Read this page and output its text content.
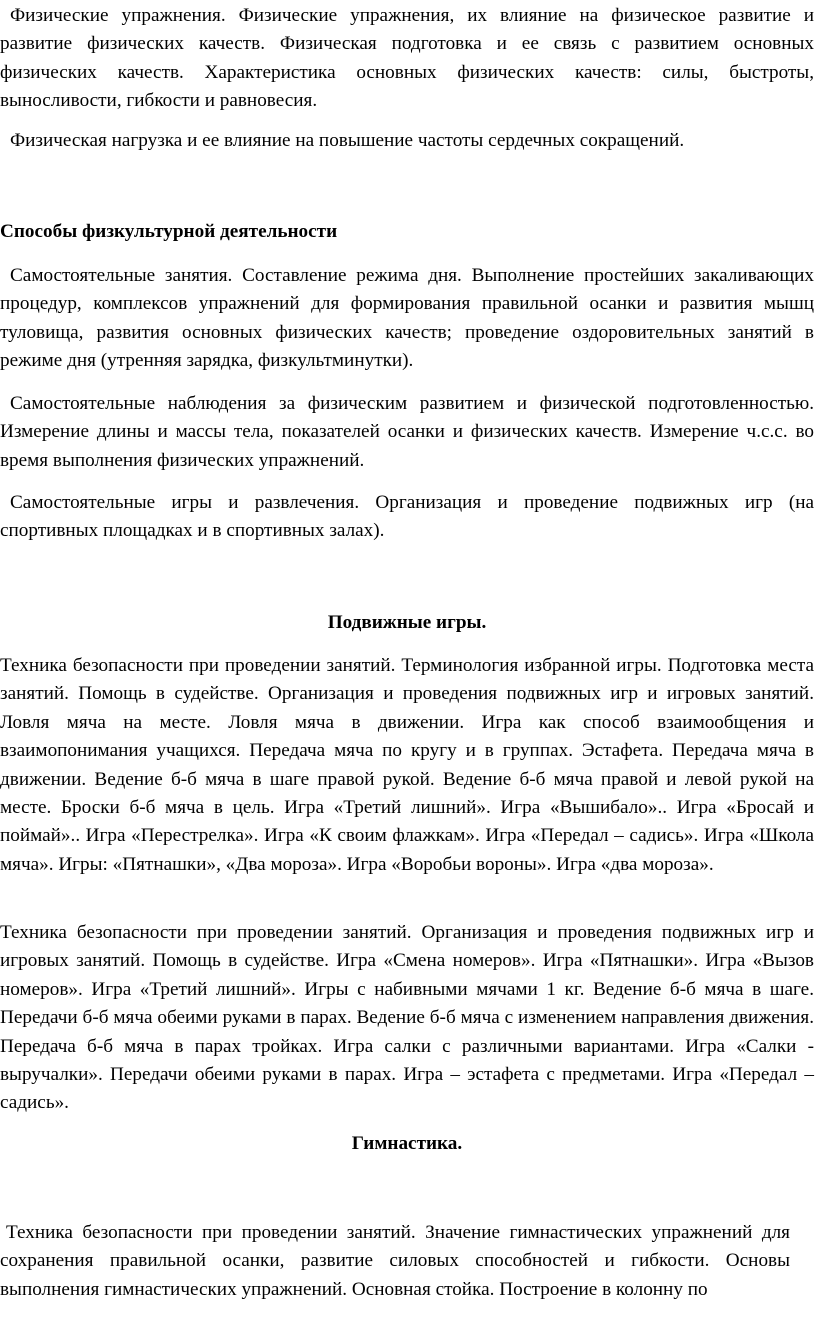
Физические упражнения. Физические упражнения, их влияние на физическое развитие и развитие физических качеств. Физическая подготовка и ее связь с развитием основных физических качеств. Характеристика основных физических качеств: силы, быстроты, выносливости, гибкости и равновесия.

Физическая нагрузка и ее влияние на повышение частоты сердечных сокращений.

Способы физкультурной деятельности

Самостоятельные занятия. Составление режима дня. Выполнение простейших закаливающих процедур, комплексов упражнений для формирования правильной осанки и развития мышц туловища, развития основных физических качеств; проведение оздоровительных занятий в режиме дня (утренняя зарядка, физкультминутки).

Самостоятельные наблюдения за физическим развитием и физической подготовленностью. Измерение длины и массы тела, показателей осанки и физических качеств. Измерение ч.с.с. во время выполнения физических упражнений.

Самостоятельные игры и развлечения. Организация и проведение подвижных игр (на спортивных площадках и в спортивных залах).

Подвижные игры.

Техника безопасности при проведении занятий. Терминология избранной игры. Подготовка места занятий. Помощь в судействе. Организация и проведения подвижных игр и игровых занятий. Ловля мяча на месте. Ловля мяча в движении. Игра как способ взаимообщения и взаимопонимания учащихся. Передача мяча по кругу и в группах. Эстафета. Передача мяча в движении. Ведение б-б мяча в шаге правой рукой. Ведение б-б мяча правой и левой рукой на месте. Броски б-б мяча в цель. Игра «Третий лишний». Игра «Вышибало».. Игра «Бросай и поймай».. Игра «Перестрелка». Игра «К своим флажкам». Игра «Передал – садись». Игра «Школа мяча». Игры: «Пятнашки», «Два мороза». Игра «Воробьи вороны». Игра «два мороза».

Техника безопасности при проведении занятий. Организация и проведения подвижных игр и игровых занятий. Помощь в судействе. Игра «Смена номеров». Игра «Пятнашки». Игра «Вызов номеров». Игра «Третий лишний». Игры с набивными мячами 1 кг. Ведение б-б мяча в шаге. Передачи б-б мяча обеими руками в парах. Ведение б-б мяча с изменением направления движения. Передача б-б мяча в парах тройках. Игра салки с различными вариантами. Игра «Салки - выручалки». Передачи обеими руками в парах. Игра – эстафета с предметами. Игра «Передал – садись».

Гимнастика.

Техника безопасности при проведении занятий. Значение гимнастических упражнений для сохранения правильной осанки, развитие силовых способностей и гибкости. Основы выполнения гимнастических упражнений. Основная стойка. Построение в колонну по
